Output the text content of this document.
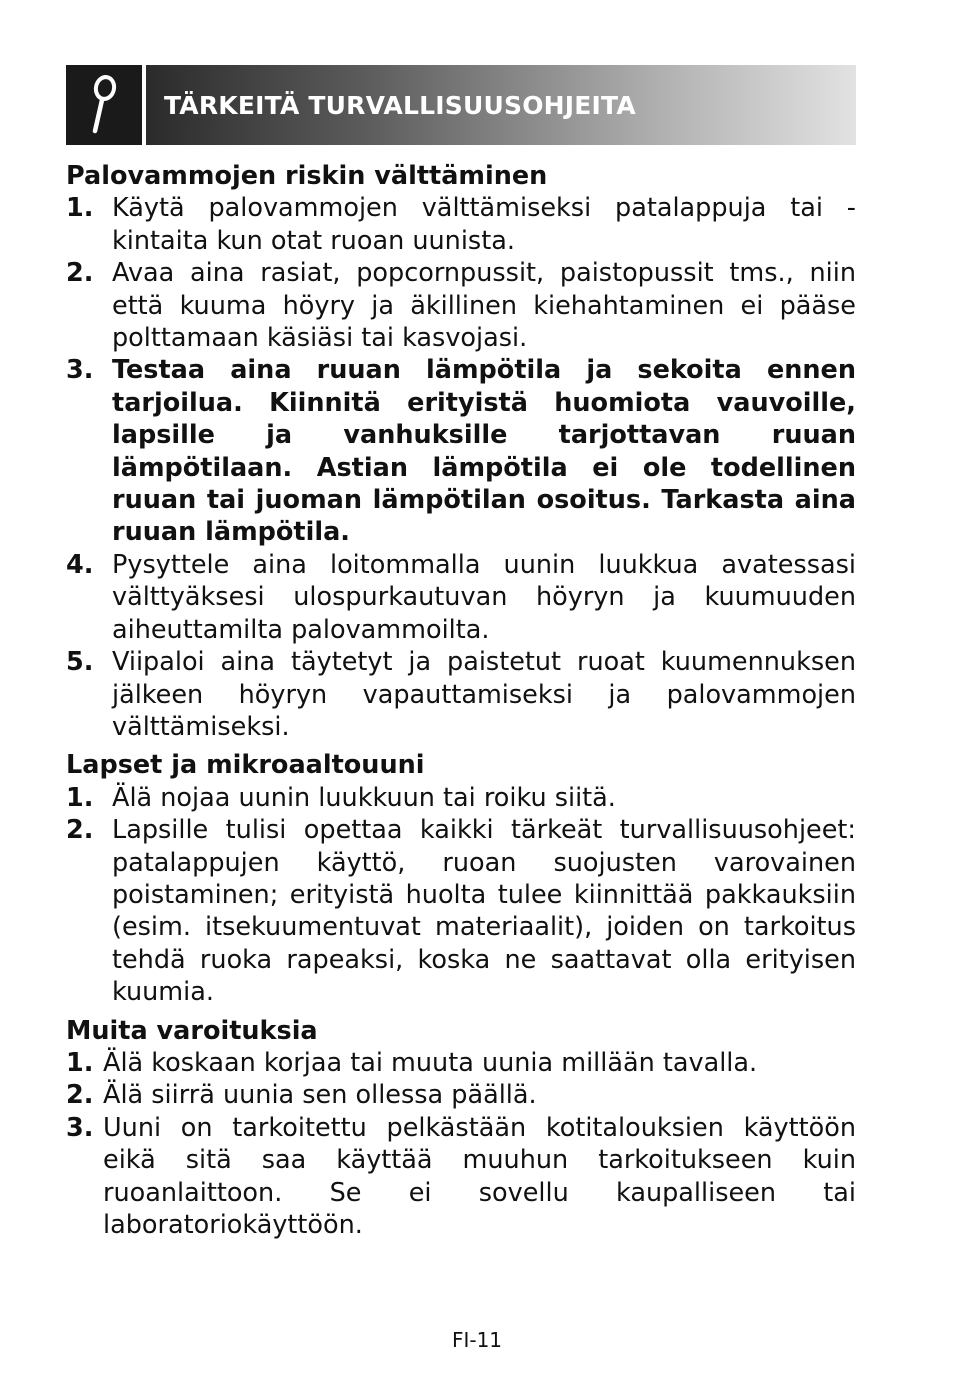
TÄRKEITÄ TURVALLISUUSOHJEITA

Palovammojen riskin välttäminen

1. Käytä palovammojen välttämiseksi patalappuja tai -kintaita kun otat ruoan uunista.
2. Avaa aina rasiat, popcornpussit, paistopussit tms., niin että kuuma höyry ja äkillinen kiehahtaminen ei pääse polttamaan käsiäsi tai kasvojasi.
3. Testaa aina ruuan lämpötila ja sekoita ennen tarjoilua. Kiinnitä erityistä huomiota vauvoille, lapsille ja vanhuksille tarjottavan ruuan lämpötilaan. Astian lämpötila ei ole todellinen ruuan tai juoman lämpötilan osoitus. Tarkasta aina ruuan lämpötila.
4. Pysyttele aina loitommalla uunin luukkua avatessasi välttyäksesi ulospurkautuvan höyryn ja kuumuuden aiheuttamilta palovammoilta.
5. Viipaloi aina täytetyt ja paistetut ruoat kuumennuksen jälkeen höyryn vapauttamiseksi ja palovammojen välttämiseksi.

Lapset ja mikroaaltouuni

1. Älä nojaa uunin luukkuun tai roiku siitä.
2. Lapsille tulisi opettaa kaikki tärkeät turvallisuusohjeet: patalappujen käyttö, ruoan suojusten varovainen poistaminen; erityistä huolta tulee kiinnittää pakkauksiin (esim. itsekuumentuvat materiaalit), joiden on tarkoitus tehdä ruoka rapeaksi, koska ne saattavat olla erityisen kuumia.

Muita varoituksia

1. Älä koskaan korjaa tai muuta uunia millään tavalla.
2. Älä siirrä uunia sen ollessa päällä.
3. Uuni on tarkoitettu pelkästään kotitalouksien käyttöön eikä sitä saa käyttää muuhun tarkoitukseen kuin ruoanlaittoon. Se ei sovellu kaupalliseen tai laboratoriokäyttöön.
FI-11
